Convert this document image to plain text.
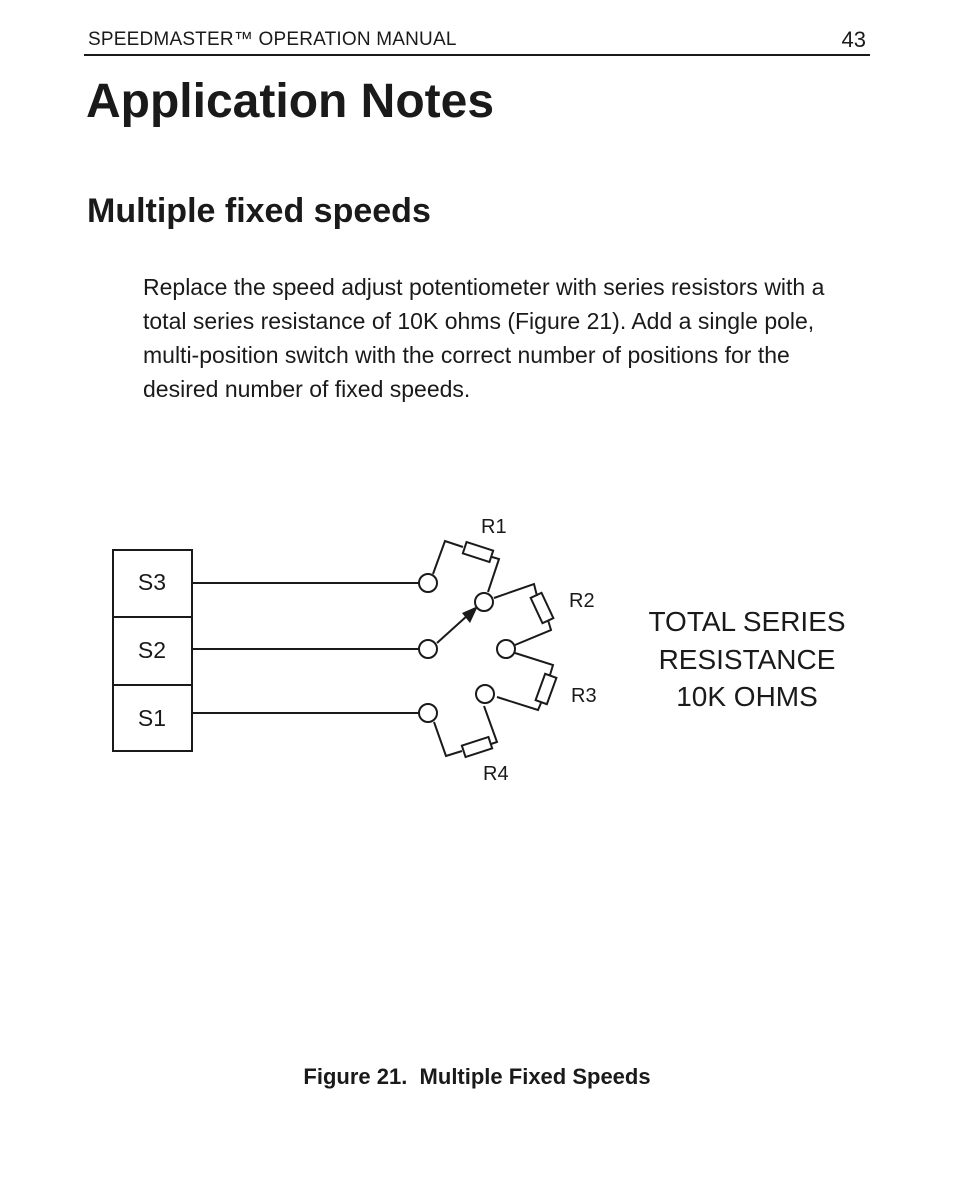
SPEEDMASTER™ OPERATION MANUAL	43
Application Notes
Multiple fixed speeds

Replace the speed adjust potentiometer with series resistors with a total series resistance of 10K ohms (Figure 21). Add a single pole, multi-position switch with the correct number of positions for the desired number of fixed speeds.

S3
S2
S1
R1
R2
R3
R4
TOTAL SERIES
RESISTANCE
10K OHMS
Figure 21.  Multiple Fixed Speeds
